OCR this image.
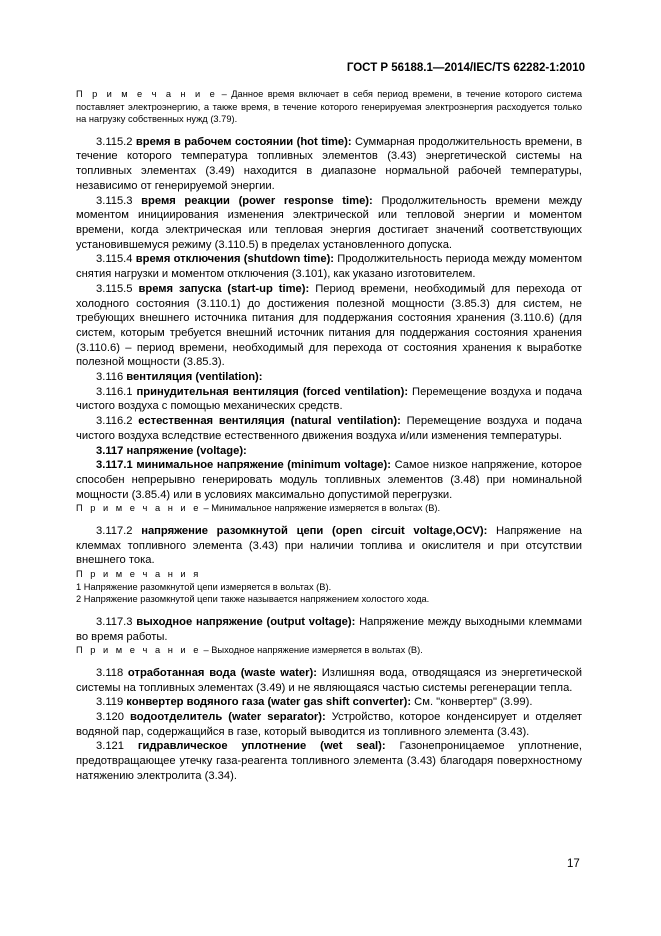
ГОСТ Р 56188.1—2014/IEC/TS 62282-1:2010

П р и м е ч а н и е – Данное время включает в себя период времени, в течение которого система поставляет электроэнергию, а также время, в течение которого генерируемая электроэнергия расходуется только на нагрузку собственных нужд (3.79).

3.115.2 время в рабочем состоянии (hot time): Суммарная продолжительность времени, в течение которого температура топливных элементов (3.43) энергетической системы на топливных элементах (3.49) находится в диапазоне нормальной рабочей температуры, независимо от генерируемой энергии.

3.115.3 время реакции (power response time): Продолжительность времени между моментом инициирования изменения электрической или тепловой энергии и моментом времени, когда электрическая или тепловая энергия достигает значений соответствующих установившемуся режиму (3.110.5) в пределах установленного допуска.

3.115.4 время отключения (shutdown time): Продолжительность периода между моментом снятия нагрузки и моментом отключения (3.101), как указано изготовителем.

3.115.5 время запуска (start-up time): Период времени, необходимый для перехода от холодного состояния (3.110.1) до достижения полезной мощности (3.85.3) для систем, не требующих внешнего источника питания для поддержания состояния хранения (3.110.6) (для систем, которым требуется внешний источник питания для поддержания состояния хранения (3.110.6) – период времени, необходимый для перехода от состояния хранения к выработке полезной мощности (3.85.3).

3.116 вентиляция (ventilation):

3.116.1 принудительная вентиляция (forced ventilation): Перемещение воздуха и подача чистого воздуха с помощью механических средств.

3.116.2 естественная вентиляция (natural ventilation): Перемещение воздуха и подача чистого воздуха вследствие естественного движения воздуха и/или изменения температуры.

3.117 напряжение (voltage):

3.117.1 минимальное напряжение (minimum voltage): Самое низкое напряжение, которое способен непрерывно генерировать модуль топливных элементов (3.48) при номинальной мощности (3.85.4) или в условиях максимально допустимой перегрузки.

П р и м е ч а н и е – Минимальное напряжение измеряется в вольтах (В).

3.117.2 напряжение разомкнутой цепи (open circuit voltage,OCV): Напряжение на клеммах топливного элемента (3.43) при наличии топлива и окислителя и при отсутствии внешнего тока.

П р и м е ч а н и я

1 Напряжение разомкнутой цепи измеряется в вольтах (В).

2 Напряжение разомкнутой цепи также называется напряжением холостого хода.

3.117.3 выходное напряжение (output voltage): Напряжение между выходными клеммами во время работы.

П р и м е ч а н и е – Выходное напряжение измеряется в вольтах (В).

3.118 отработанная вода (waste water): Излишняя вода, отводящаяся из энергетической системы на топливных элементах (3.49) и не являющаяся частью системы регенерации тепла.

3.119 конвертер водяного газа (water gas shift converter): См. "конвертер" (3.99).

3.120 водоотделитель (water separator): Устройство, которое конденсирует и отделяет водяной пар, содержащийся в газе, который выводится из топливного элемента (3.43).

3.121 гидравлическое уплотнение (wet seal): Газонепроницаемое уплотнение, предотвращающее утечку газа-реагента топливного элемента (3.43) благодаря поверхностному натяжению электролита (3.34).

17
